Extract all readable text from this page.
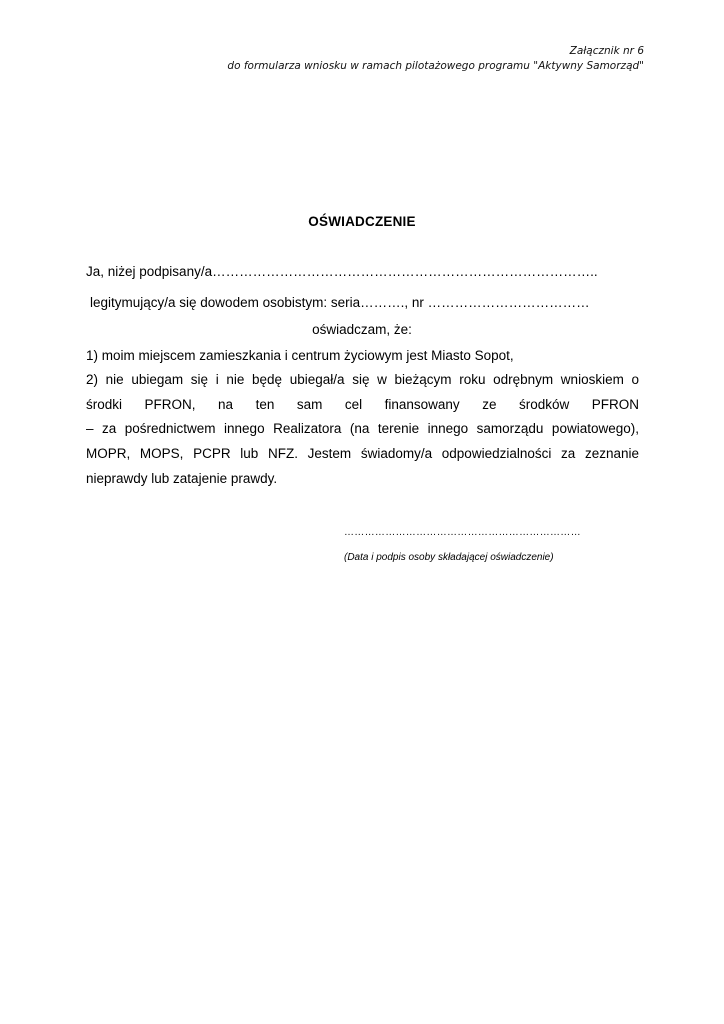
Załącznik nr 6
do formularza wniosku w ramach pilotażowego programu "Aktywny Samorząd"
OŚWIADCZENIE
Ja, niżej podpisany/a…………………………………………………………………………..
legitymujący/a się dowodem osobistym: seria………., nr ………………………………
oświadczam, że:
1) moim miejscem zamieszkania i centrum życiowym jest Miasto Sopot,
2) nie ubiegam się i nie będę ubiegał/a się w bieżącym roku odrębnym wnioskiem o
środki PFRON, na ten sam cel finansowany ze środków PFRON
– za pośrednictwem innego Realizatora (na terenie innego samorządu powiatowego),
MOPR, MOPS, PCPR lub NFZ. Jestem świadomy/a odpowiedzialności za zeznanie
nieprawdy lub zatajenie prawdy.
……………………………………………………………
(Data i podpis osoby składającej oświadczenie)
